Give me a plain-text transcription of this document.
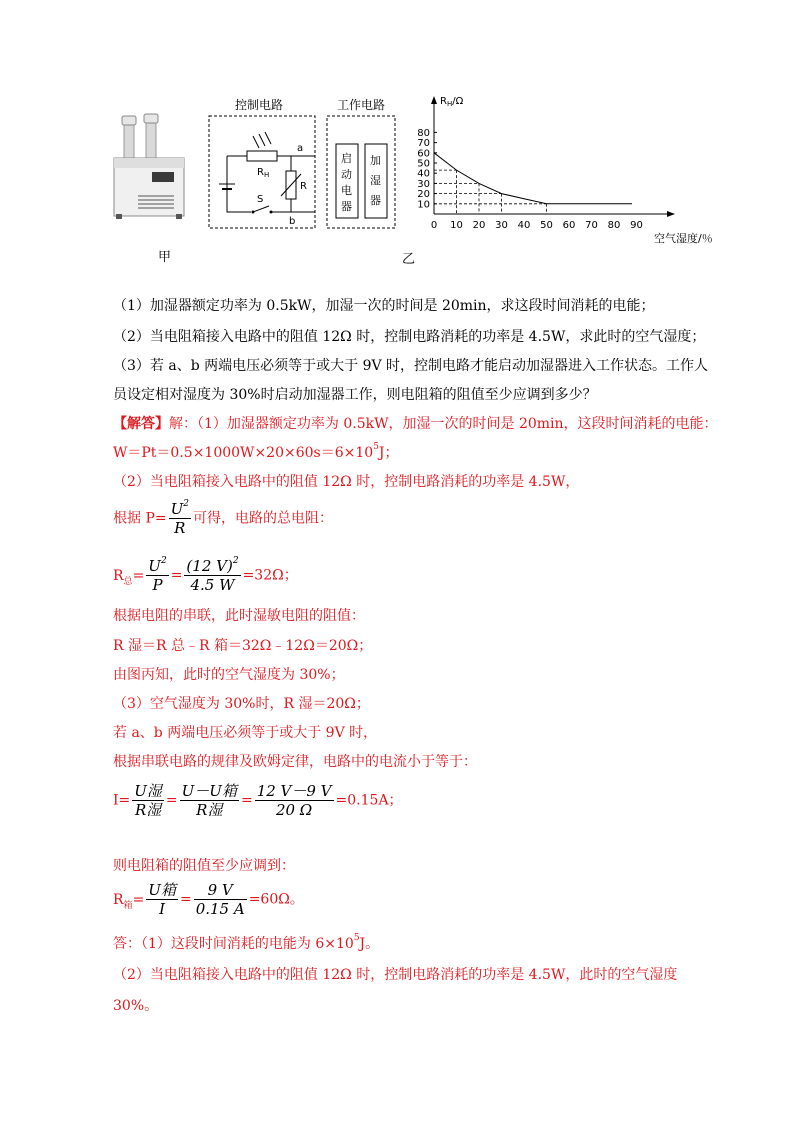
甲
控制电路	工作电路
$R_H$
R
S
a
b
启
动
电
器
加
湿
器
乙
0 10 20 30 40 50 60 70 80 90
10
20
30
40
50
60
70
80
$R_H/\Omega$
空气湿度/％
（1）加湿器额定功率为 0.5kW，加湿一次的时间是 20min，求这段时间消耗的电能；
（2）当电阻箱接入电路中的阻值 12Ω 时，控制电路消耗的功率是 4.5W，求此时的空气湿度；
（3）若 a、b 两端电压必须等于或大于 9V 时，控制电路才能启动加湿器进入工作状态。工作人
员设定相对湿度为 30%时启动加湿器工作，则电阻箱的阻值至少应调到多少？
【解答】解：（1）加湿器额定功率为 0.5kW，加湿一次的时间是 20min，这段时间消耗的电能：
$W=Pt=0.5\times 1000W\times 20\times 60s=6\times 10^5J$；
（2）当电阻箱接入电路中的阻值 12Ω 时，控制电路消耗的功率是 4.5W，
根据 $P= \frac{U^2}{R}$ 可得，电路的总电阻：
$R_总= \frac{U^2}{P} = \frac{(12 V)^2}{4.5 W} =32\Omega$；
根据电阻的串联，此时湿敏电阻的阻值：
R 湿＝R 总﹣R 箱＝32Ω﹣12Ω＝20Ω；
由图丙知，此时的空气湿度为 30%；
（3）空气湿度为 30%时，R 湿＝20Ω；
若 a、b 两端电压必须等于或大于 9V 时，
根据串联电路的规律及欧姆定律，电路中的电流小于等于：
$I= \frac{\text{U湿}}{\text{R湿}} = \frac{\text{U－U箱}}{\text{R湿}} = \frac{12 V-9 V}{20 \Omega} =0.15A$；
则电阻箱的阻值至少应调到：
$R_箱= \frac{\text{U箱}}{I} = \frac{9 V}{0.15 A} =60\Omega$。
答：（1）这段时间消耗的电能为 $6\times 10^5J$。
（2）当电阻箱接入电路中的阻值 12Ω 时，控制电路消耗的功率是 4.5W，此时的空气湿度
30%。
